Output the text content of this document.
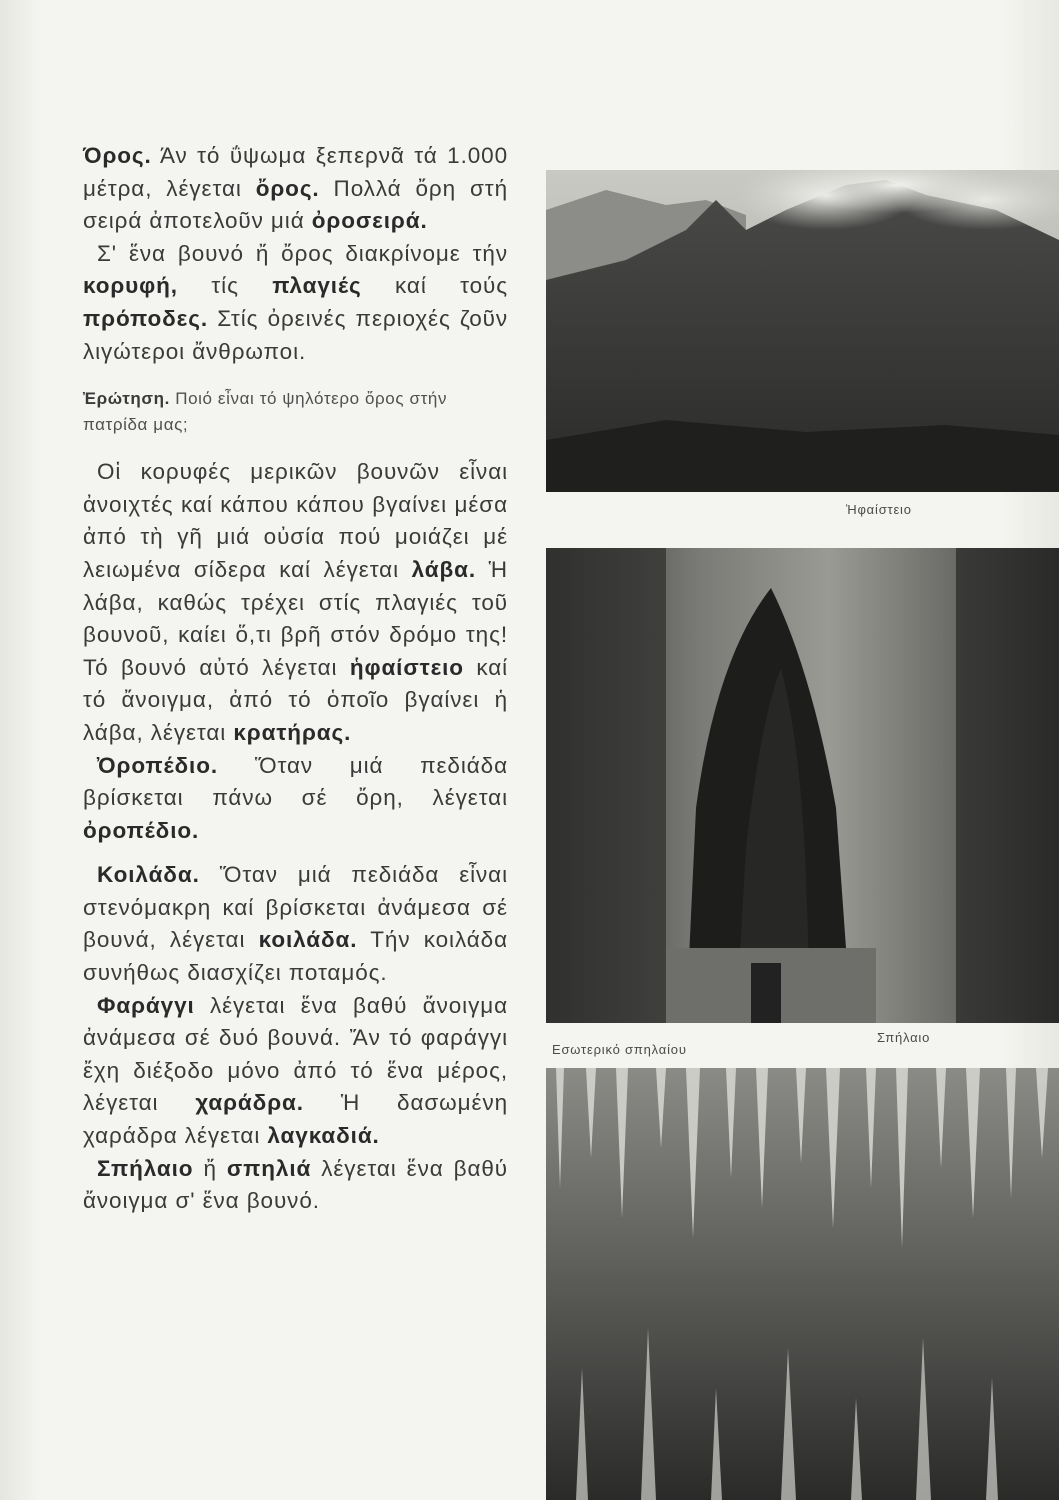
Όρος. Άν τό ΰψωμα ξεπερνᾶ τά 1.000 μέτρα, λέγεται ὄρος. Πολλά ὄρη στή σειρά ἀποτελοῦν μιά ὀροσειρά.

Σ' ἕνα βουνό ἤ ὄρος διακρίνομε τήν κορυφή, τίς πλαγιές καί τούς πρόποδες. Στίς ὀρεινές περιοχές ζοῦν λιγώτεροι ἄνθρωποι.

Ἐρώτηση. Ποιό εἶναι τό ψηλότερο ὄρος στήν πατρίδα μας;

Οἱ κορυφές μερικῶν βουνῶν εἶναι ἀνοιχτές καί κάπου κάπου βγαίνει μέσα ἀπό τὴ γῆ μιά οὐσία πού μοιάζει μέ λειωμένα σίδερα καί λέγεται λάβα. Ἡ λάβα, καθώς τρέχει στίς πλαγιές τοῦ βουνοῦ, καίει ὅ,τι βρῆ στόν δρόμο της! Τό βουνό αὐτό λέγεται ἡφαίστειο καί τό ἄνοιγμα, ἀπό τό ὁποῖο βγαίνει ἡ λάβα, λέγεται κρατήρας.

Ὀροπέδιο. Ὅταν μιά πεδιάδα βρίσκεται πάνω σέ ὄρη, λέγεται ὀροπέδιο.

Κοιλάδα. Ὅταν μιά πεδιάδα εἶναι στενόμακρη καί βρίσκεται ἀνάμεσα σέ βουνά, λέγεται κοιλάδα. Τήν κοιλάδα συνήθως διασχίζει ποταμός.

Φαράγγι λέγεται ἕνα βαθύ ἄνοιγμα ἀνάμεσα σέ δυό βουνά. Ἄν τό φαράγγι ἔχη διέξοδο μόνο ἀπό τό ἕνα μέρος, λέγεται χαράδρα. Ἡ δασωμένη χαράδρα λέγεται λαγκαδιά.

Σπήλαιο ἤ σπηλιά λέγεται ἕνα βαθύ ἄνοιγμα σ' ἕνα βουνό.

Ἡφαίστειο
Σπήλαιο
Εσωτερικό σπηλαίου
